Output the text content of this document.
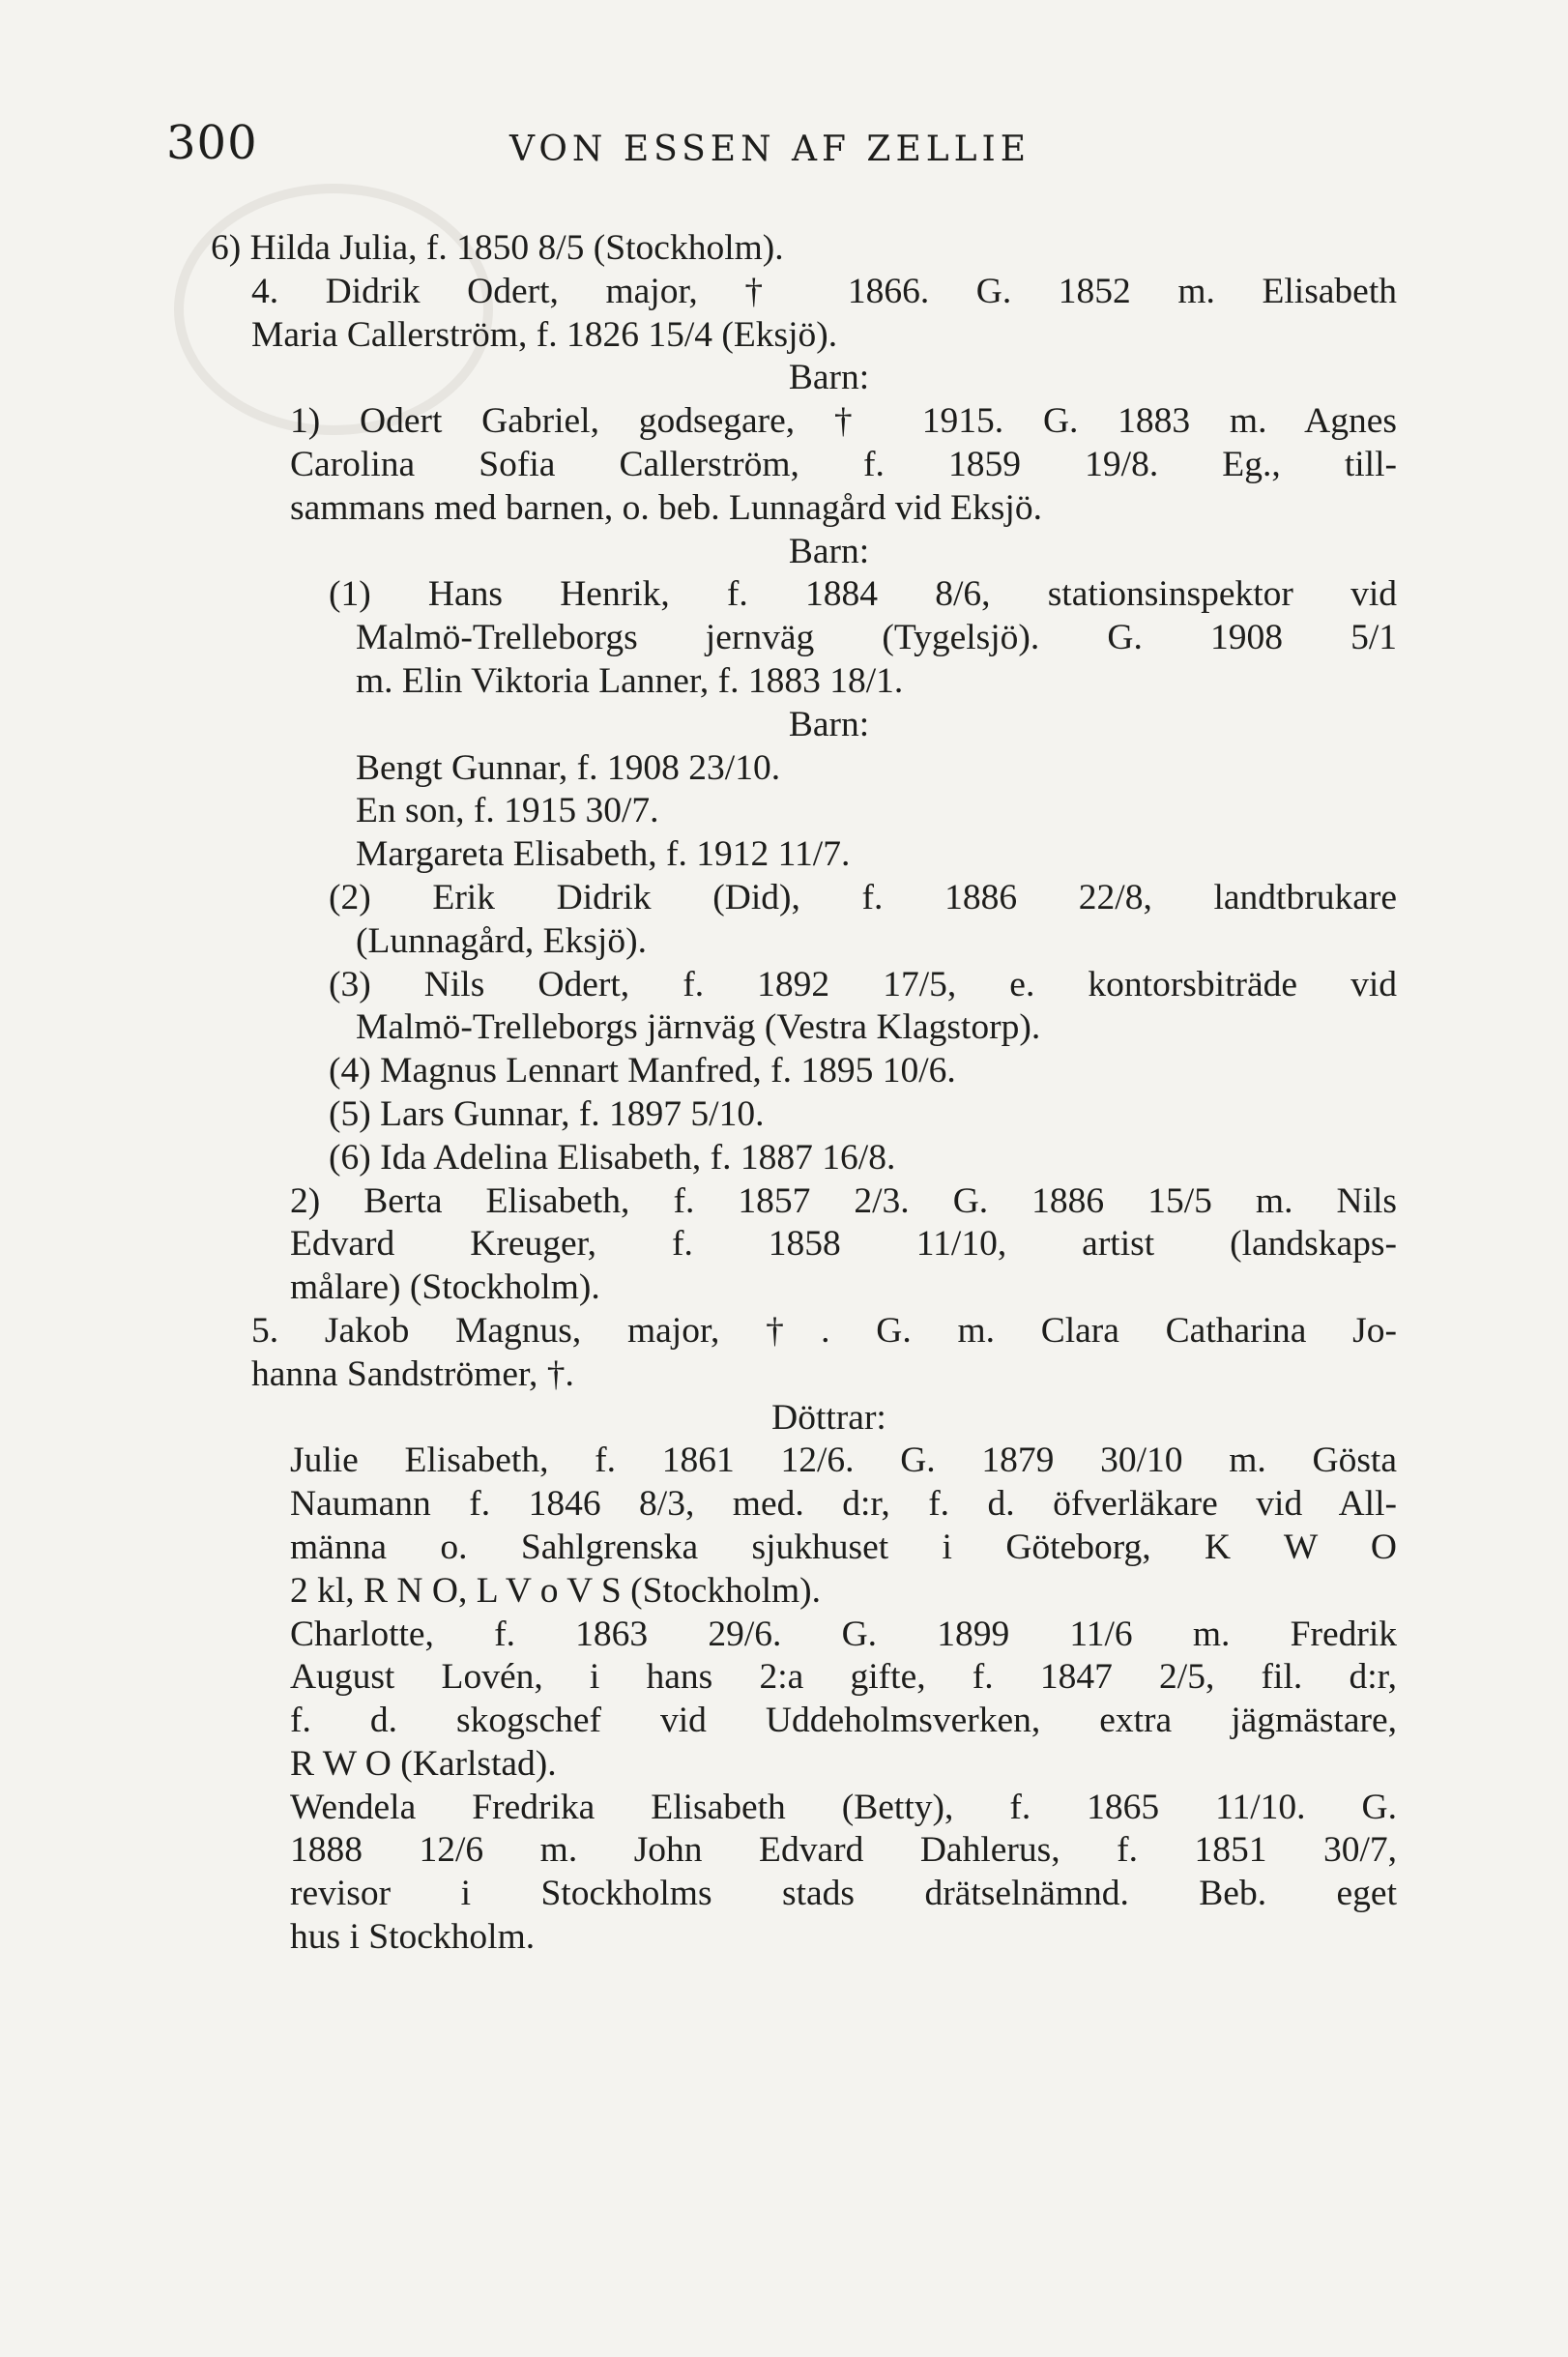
300	VON ESSEN AF ZELLIE
6) Hilda Julia, f. 1850 8/5 (Stockholm).
4. Didrik Odert, major, † 1866. G. 1852 m. Elisabeth
Maria Callerström, f. 1826 15/4 (Eksjö).
Barn:
1) Odert Gabriel, godsegare, † 1915. G. 1883 m. Agnes
Carolina Sofia Callerström, f. 1859 19/8. Eg., till-
sammans med barnen, o. beb. Lunnagård vid Eksjö.
Barn:
(1) Hans Henrik, f. 1884 8/6, stationsinspektor vid
Malmö-Trelleborgs jernväg (Tygelsjö). G. 1908 5/1
m. Elin Viktoria Lanner, f. 1883 18/1.
Barn:
Bengt Gunnar, f. 1908 23/10.
En son, f. 1915 30/7.
Margareta Elisabeth, f. 1912 11/7.
(2) Erik Didrik (Did), f. 1886 22/8, landtbrukare
(Lunnagård, Eksjö).
(3) Nils Odert, f. 1892 17/5, e. kontorsbiträde vid
Malmö-Trelleborgs järnväg (Vestra Klagstorp).
(4) Magnus Lennart Manfred, f. 1895 10/6.
(5) Lars Gunnar, f. 1897 5/10.
(6) Ida Adelina Elisabeth, f. 1887 16/8.
2) Berta Elisabeth, f. 1857 2/3. G. 1886 15/5 m. Nils
Edvard Kreuger, f. 1858 11/10, artist (landskaps-
målare) (Stockholm).
5. Jakob Magnus, major, †. G. m. Clara Catharina Jo-
hanna Sandströmer, †.
Döttrar:
Julie Elisabeth, f. 1861 12/6. G. 1879 30/10 m. Gösta
Naumann f. 1846 8/3, med. d:r, f. d. öfverläkare vid All-
männa o. Sahlgrenska sjukhuset i Göteborg, K W O
2 kl, R N O, L V o V S (Stockholm).
Charlotte, f. 1863 29/6. G. 1899 11/6 m. Fredrik
August Lovén, i hans 2:a gifte, f. 1847 2/5, fil. d:r,
f. d. skogschef vid Uddeholmsverken, extra jägmästare,
R W O (Karlstad).
Wendela Fredrika Elisabeth (Betty), f. 1865 11/10. G.
1888 12/6 m. John Edvard Dahlerus, f. 1851 30/7,
revisor i Stockholms stads drätselnämnd. Beb. eget
hus i Stockholm.
